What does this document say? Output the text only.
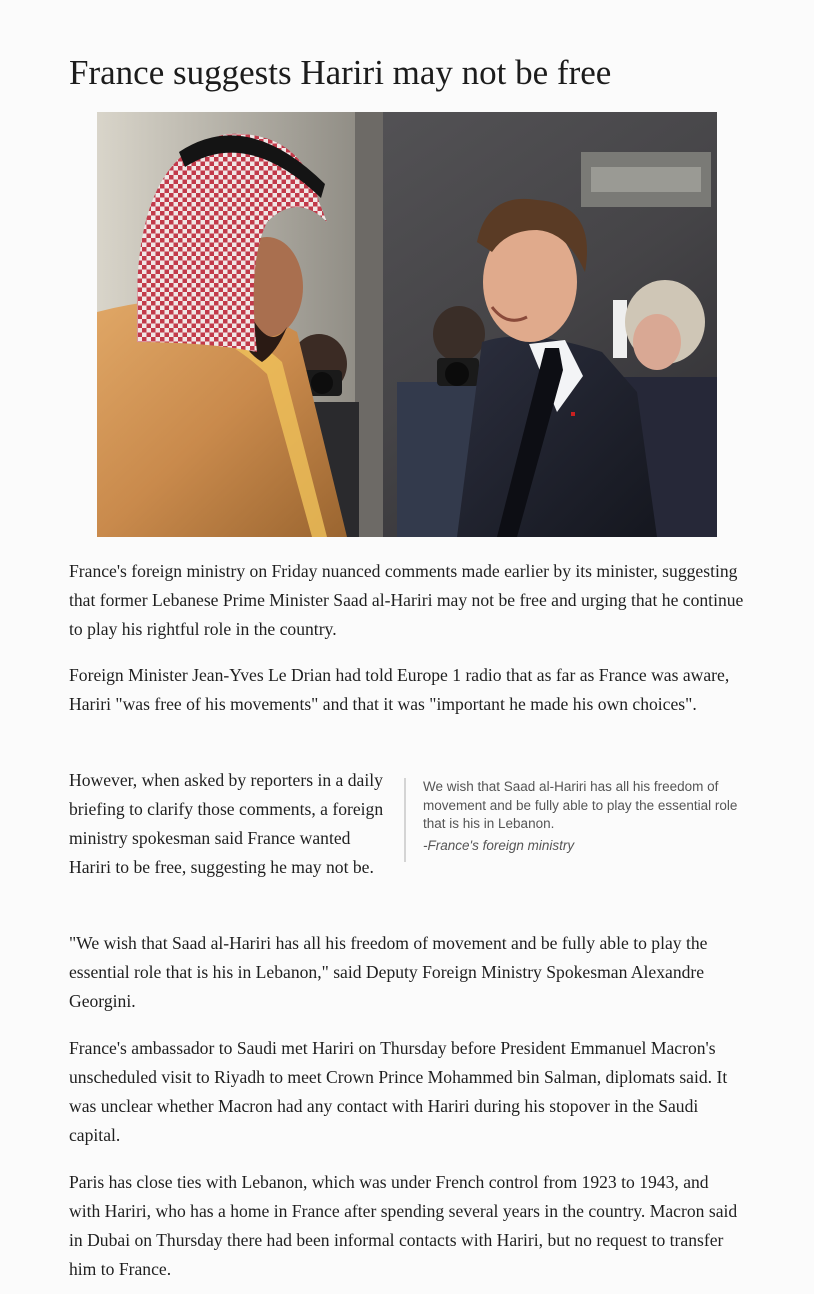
France suggests Hariri may not be free

France's foreign ministry on Friday nuanced comments made earlier by its minister, suggesting that former Lebanese Prime Minister Saad al-Hariri may not be free and urging that he continue to play his rightful role in the country.

Foreign Minister Jean-Yves Le Drian had told Europe 1 radio that as far as France was aware, Hariri "was free of his movements" and that it was "important he made his own choices".

However, when asked by reporters in a daily briefing to clarify those comments, a foreign ministry spokesman said France wanted Hariri to be free, suggesting he may not be.

We wish that Saad al-Hariri has all his freedom of movement and be fully able to play the essential role that is his in Lebanon.

-France's foreign ministry

"We wish that Saad al-Hariri has all his freedom of movement and be fully able to play the essential role that is his in Lebanon," said Deputy Foreign Ministry Spokesman Alexandre Georgini.

France's ambassador to Saudi met Hariri on Thursday before President Emmanuel Macron's unscheduled visit to Riyadh to meet Crown Prince Mohammed bin Salman, diplomats said. It was unclear whether Macron had any contact with Hariri during his stopover in the Saudi capital.

Paris has close ties with Lebanon, which was under French control from 1923 to 1943, and with Hariri, who has a home in France after spending several years in the country. Macron said in Dubai on Thursday there had been informal contacts with Hariri, but no request to transfer him to France.
